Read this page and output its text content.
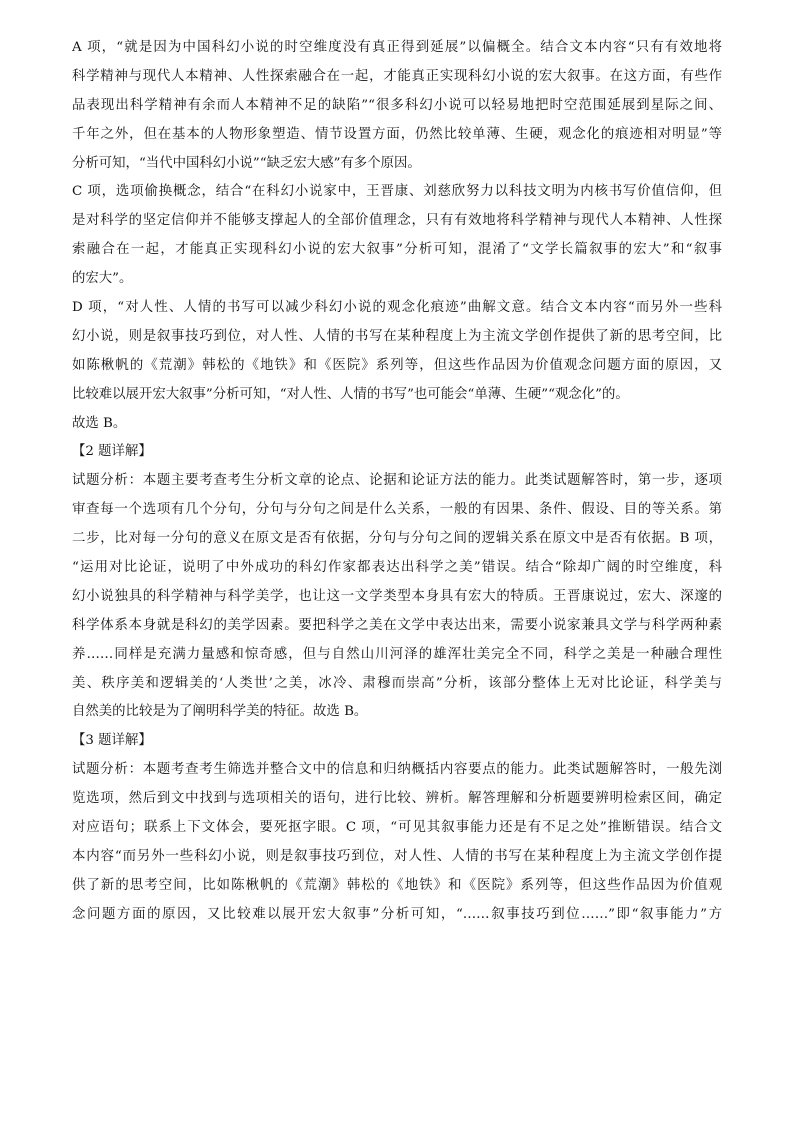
A 项，“就是因为中国科幻小说的时空维度没有真正得到延展”以偏概全。结合文本内容“只有有效地将
科学精神与现代人本精神、人性探索融合在一起，才能真正实现科幻小说的宏大叙事。在这方面，有些作
品表现出科学精神有余而人本精神不足的缺陷”“很多科幻小说可以轻易地把时空范围延展到星际之间、
千年之外，但在基本的人物形象塑造、情节设置方面，仍然比较单薄、生硬，观念化的痕迹相对明显”等
分析可知，“当代中国科幻小说”“缺乏宏大感”有多个原因。
C 项，选项偷换概念，结合“在科幻小说家中，王晋康、刘慈欣努力以科技文明为内核书写价值信仰，但
是对科学的坚定信仰并不能够支撑起人的全部价值理念，只有有效地将科学精神与现代人本精神、人性探
索融合在一起，才能真正实现科幻小说的宏大叙事”分析可知，混淆了“文学长篇叙事的宏大”和“叙事
的宏大”。
D 项，“对人性、人情的书写可以减少科幻小说的观念化痕迹”曲解文意。结合文本内容“而另外一些科
幻小说，则是叙事技巧到位，对人性、人情的书写在某种程度上为主流文学创作提供了新的思考空间，比
如陈楸帆的《荒潮》韩松的《地铁》和《医院》系列等，但这些作品因为价值观念问题方面的原因，又
比较难以展开宏大叙事”分析可知，“对人性、人情的书写”也可能会“单薄、生硬”“观念化”的。
故选 B。
【2 题详解】
试题分析：本题主要考查考生分析文章的论点、论据和论证方法的能力。此类试题解答时，第一步，逐项
审查每一个选项有几个分句，分句与分句之间是什么关系，一般的有因果、条件、假设、目的等关系。第
二步，比对每一分句的意义在原文是否有依据，分句与分句之间的逻辑关系在原文中是否有依据。B 项，
“运用对比论证，说明了中外成功的科幻作家都表达出科学之美”错误。结合“除却广阔的时空维度，科
幻小说独具的科学精神与科学美学，也让这一文学类型本身具有宏大的特质。王晋康说过，宏大、深邃的
科学体系本身就是科幻的美学因素。要把科学之美在文学中表达出来，需要小说家兼具文学与科学两种素
养……同样是充满力量感和惊奇感，但与自然山川河泽的雄浑壮美完全不同，科学之美是一种融合理性
美、秩序美和逻辑美的‘人类世’之美，冰冷、肃穆而崇高”分析，该部分整体上无对比论证，科学美与
自然美的比较是为了阐明科学美的特征。故选 B。
【3 题详解】
试题分析：本题考查考生筛选并整合文中的信息和归纳概括内容要点的能力。此类试题解答时，一般先浏
览选项，然后到文中找到与选项相关的语句，进行比较、辨析。解答理解和分析题要辨明检索区间，确定
对应语句；联系上下文体会，要死抠字眼。C 项，“可见其叙事能力还是有不足之处”推断错误。结合文
本内容“而另外一些科幻小说，则是叙事技巧到位，对人性、人情的书写在某种程度上为主流文学创作提
供了新的思考空间，比如陈楸帆的《荒潮》韩松的《地铁》和《医院》系列等，但这些作品因为价值观
念问题方面的原因，又比较难以展开宏大叙事”分析可知，“……叙事技巧到位……”即“叙事能力”方
